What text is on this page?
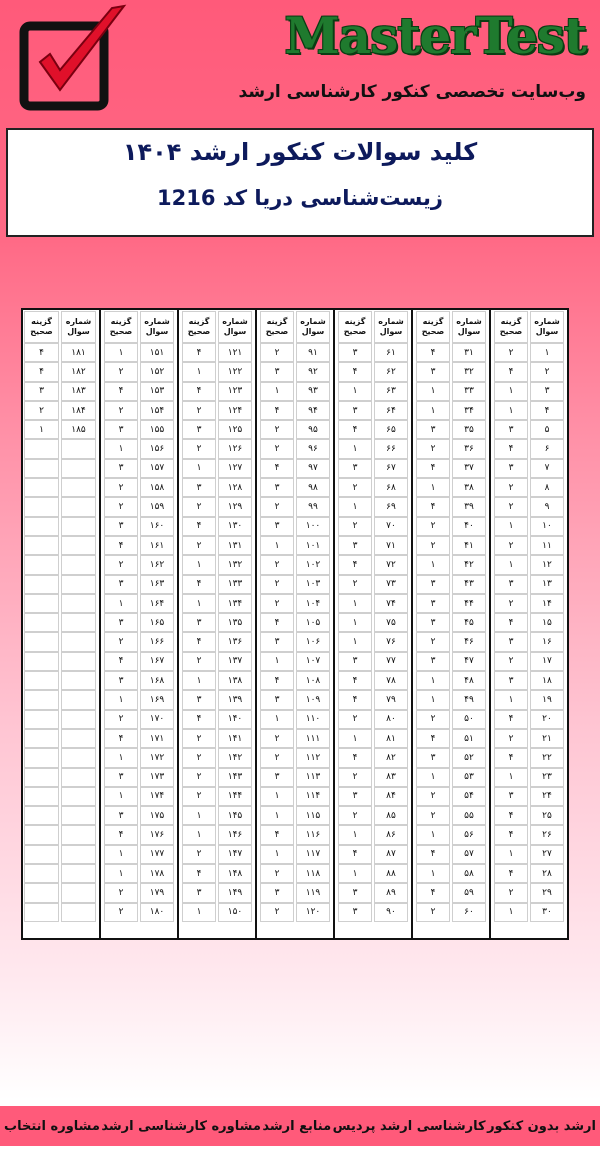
MasterTest
وب‌سایت تخصصی کنکور کارشناسی ارشد
کلید سوالات کنکور ارشد ۱۴۰۴
زیست‌شناسی دریا کد 1216
شماره
سوال
گزینه
صحیح
۱
۲
۲
۴
۳
۱
۴
۱
۵
۳
۶
۴
۷
۳
۸
۲
۹
۲
۱۰
۱
۱۱
۲
۱۲
۱
۱۳
۳
۱۴
۲
۱۵
۴
۱۶
۳
۱۷
۲
۱۸
۳
۱۹
۱
۲۰
۴
۲۱
۲
۲۲
۴
۲۳
۱
۲۴
۳
۲۵
۴
۲۶
۴
۲۷
۱
۲۸
۴
۲۹
۲
۳۰
۱
شماره
سوال
گزینه
صحیح
۳۱
۴
۳۲
۳
۳۳
۱
۳۴
۱
۳۵
۳
۳۶
۲
۳۷
۴
۳۸
۱
۳۹
۴
۴۰
۲
۴۱
۲
۴۲
۱
۴۳
۳
۴۴
۳
۴۵
۳
۴۶
۲
۴۷
۳
۴۸
۱
۴۹
۱
۵۰
۲
۵۱
۴
۵۲
۳
۵۳
۱
۵۴
۲
۵۵
۲
۵۶
۱
۵۷
۴
۵۸
۱
۵۹
۴
۶۰
۲
شماره
سوال
گزینه
صحیح
۶۱
۳
۶۲
۴
۶۳
۱
۶۴
۳
۶۵
۴
۶۶
۱
۶۷
۳
۶۸
۲
۶۹
۱
۷۰
۲
۷۱
۳
۷۲
۴
۷۳
۲
۷۴
۱
۷۵
۱
۷۶
۱
۷۷
۳
۷۸
۴
۷۹
۴
۸۰
۲
۸۱
۱
۸۲
۴
۸۳
۲
۸۴
۳
۸۵
۲
۸۶
۱
۸۷
۴
۸۸
۱
۸۹
۳
۹۰
۳
شماره
سوال
گزینه
صحیح
۹۱
۲
۹۲
۳
۹۳
۱
۹۴
۴
۹۵
۲
۹۶
۲
۹۷
۴
۹۸
۳
۹۹
۲
۱۰۰
۳
۱۰۱
۱
۱۰۲
۲
۱۰۳
۲
۱۰۴
۲
۱۰۵
۴
۱۰۶
۳
۱۰۷
۱
۱۰۸
۴
۱۰۹
۳
۱۱۰
۱
۱۱۱
۲
۱۱۲
۲
۱۱۳
۳
۱۱۴
۱
۱۱۵
۱
۱۱۶
۴
۱۱۷
۱
۱۱۸
۲
۱۱۹
۳
۱۲۰
۲
شماره
سوال
گزینه
صحیح
۱۲۱
۴
۱۲۲
۱
۱۲۳
۴
۱۲۴
۲
۱۲۵
۳
۱۲۶
۲
۱۲۷
۱
۱۲۸
۳
۱۲۹
۲
۱۳۰
۴
۱۳۱
۲
۱۳۲
۱
۱۳۳
۴
۱۳۴
۱
۱۳۵
۳
۱۳۶
۴
۱۳۷
۲
۱۳۸
۱
۱۳۹
۳
۱۴۰
۴
۱۴۱
۲
۱۴۲
۲
۱۴۳
۲
۱۴۴
۲
۱۴۵
۱
۱۴۶
۱
۱۴۷
۲
۱۴۸
۴
۱۴۹
۳
۱۵۰
۱
شماره
سوال
گزینه
صحیح
۱۵۱
۱
۱۵۲
۲
۱۵۳
۴
۱۵۴
۲
۱۵۵
۳
۱۵۶
۱
۱۵۷
۳
۱۵۸
۲
۱۵۹
۲
۱۶۰
۳
۱۶۱
۴
۱۶۲
۲
۱۶۳
۳
۱۶۴
۱
۱۶۵
۳
۱۶۶
۲
۱۶۷
۴
۱۶۸
۳
۱۶۹
۱
۱۷۰
۲
۱۷۱
۴
۱۷۲
۱
۱۷۳
۳
۱۷۴
۱
۱۷۵
۳
۱۷۶
۴
۱۷۷
۱
۱۷۸
۱
۱۷۹
۲
۱۸۰
۲
شماره
سوال
گزینه
صحیح
۱۸۱
۴
۱۸۲
۴
۱۸۳
۳
۱۸۴
۲
۱۸۵
۱
ارشد بدون کنکور
کارشناسی ارشد پردیس
منابع ارشد
مشاوره کارشناسی ارشد
مشاوره انتخاب
